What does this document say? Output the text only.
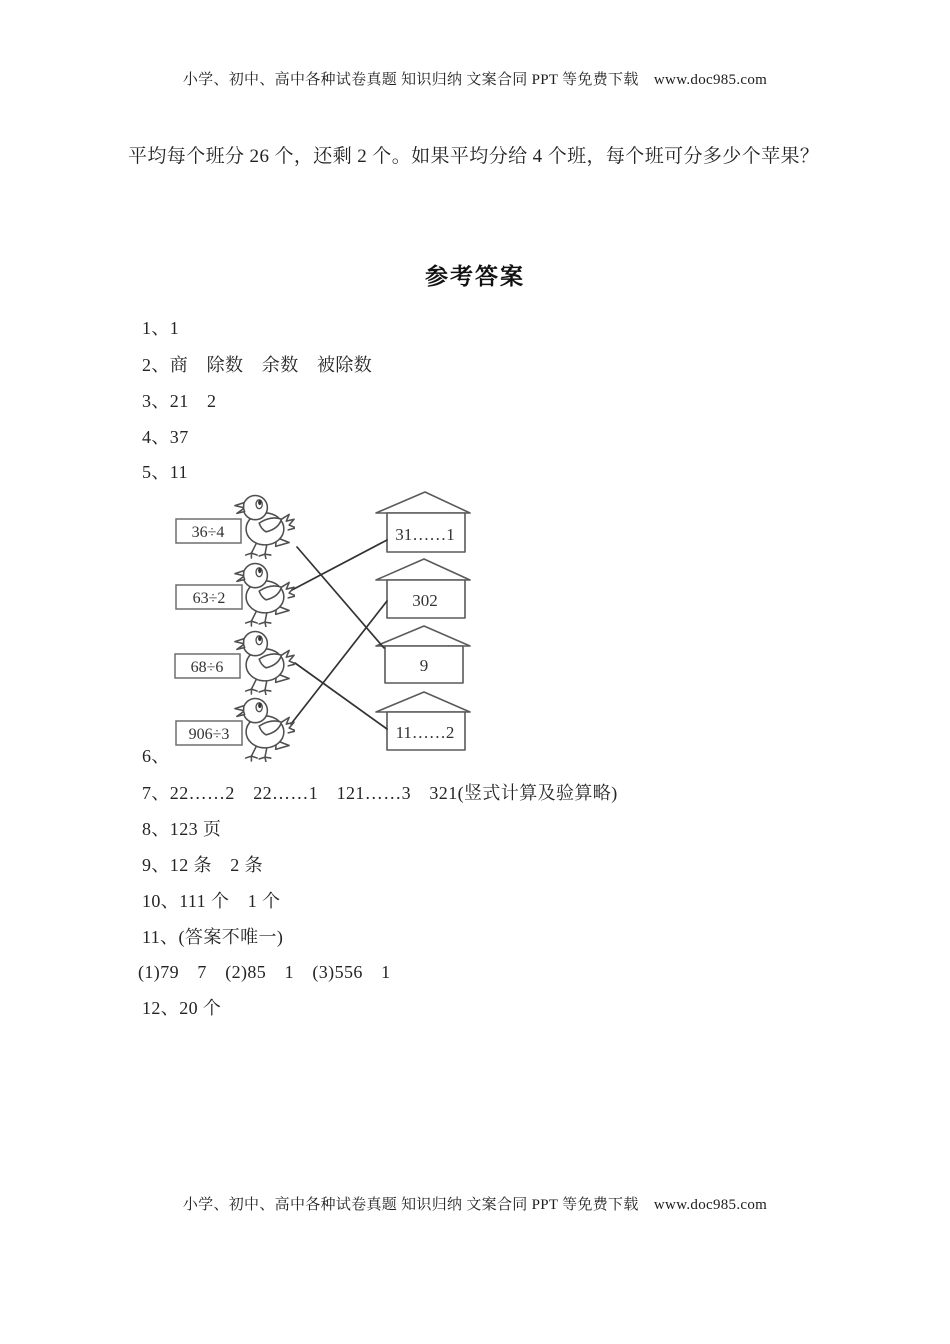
小学、初中、高中各种试卷真题 知识归纳 文案合同 PPT 等免费下载　www.doc985.com
平均每个班分 26 个，还剩 2 个。如果平均分给 4 个班，每个班可分多少个苹果？
参考答案
1、1
2、商　除数　余数　被除数
3、21　2
4、37
5、11
36÷4
63÷2
68÷6
906÷3
31……1
302
9
11……2
6、
7、22……2　22……1　121……3　321(竖式计算及验算略)
8、123 页
9、12 条　2 条
10、111 个　1 个
11、(答案不唯一)
(1)79　7　(2)85　1　(3)556　1
12、20 个
小学、初中、高中各种试卷真题 知识归纳 文案合同 PPT 等免费下载　www.doc985.com
